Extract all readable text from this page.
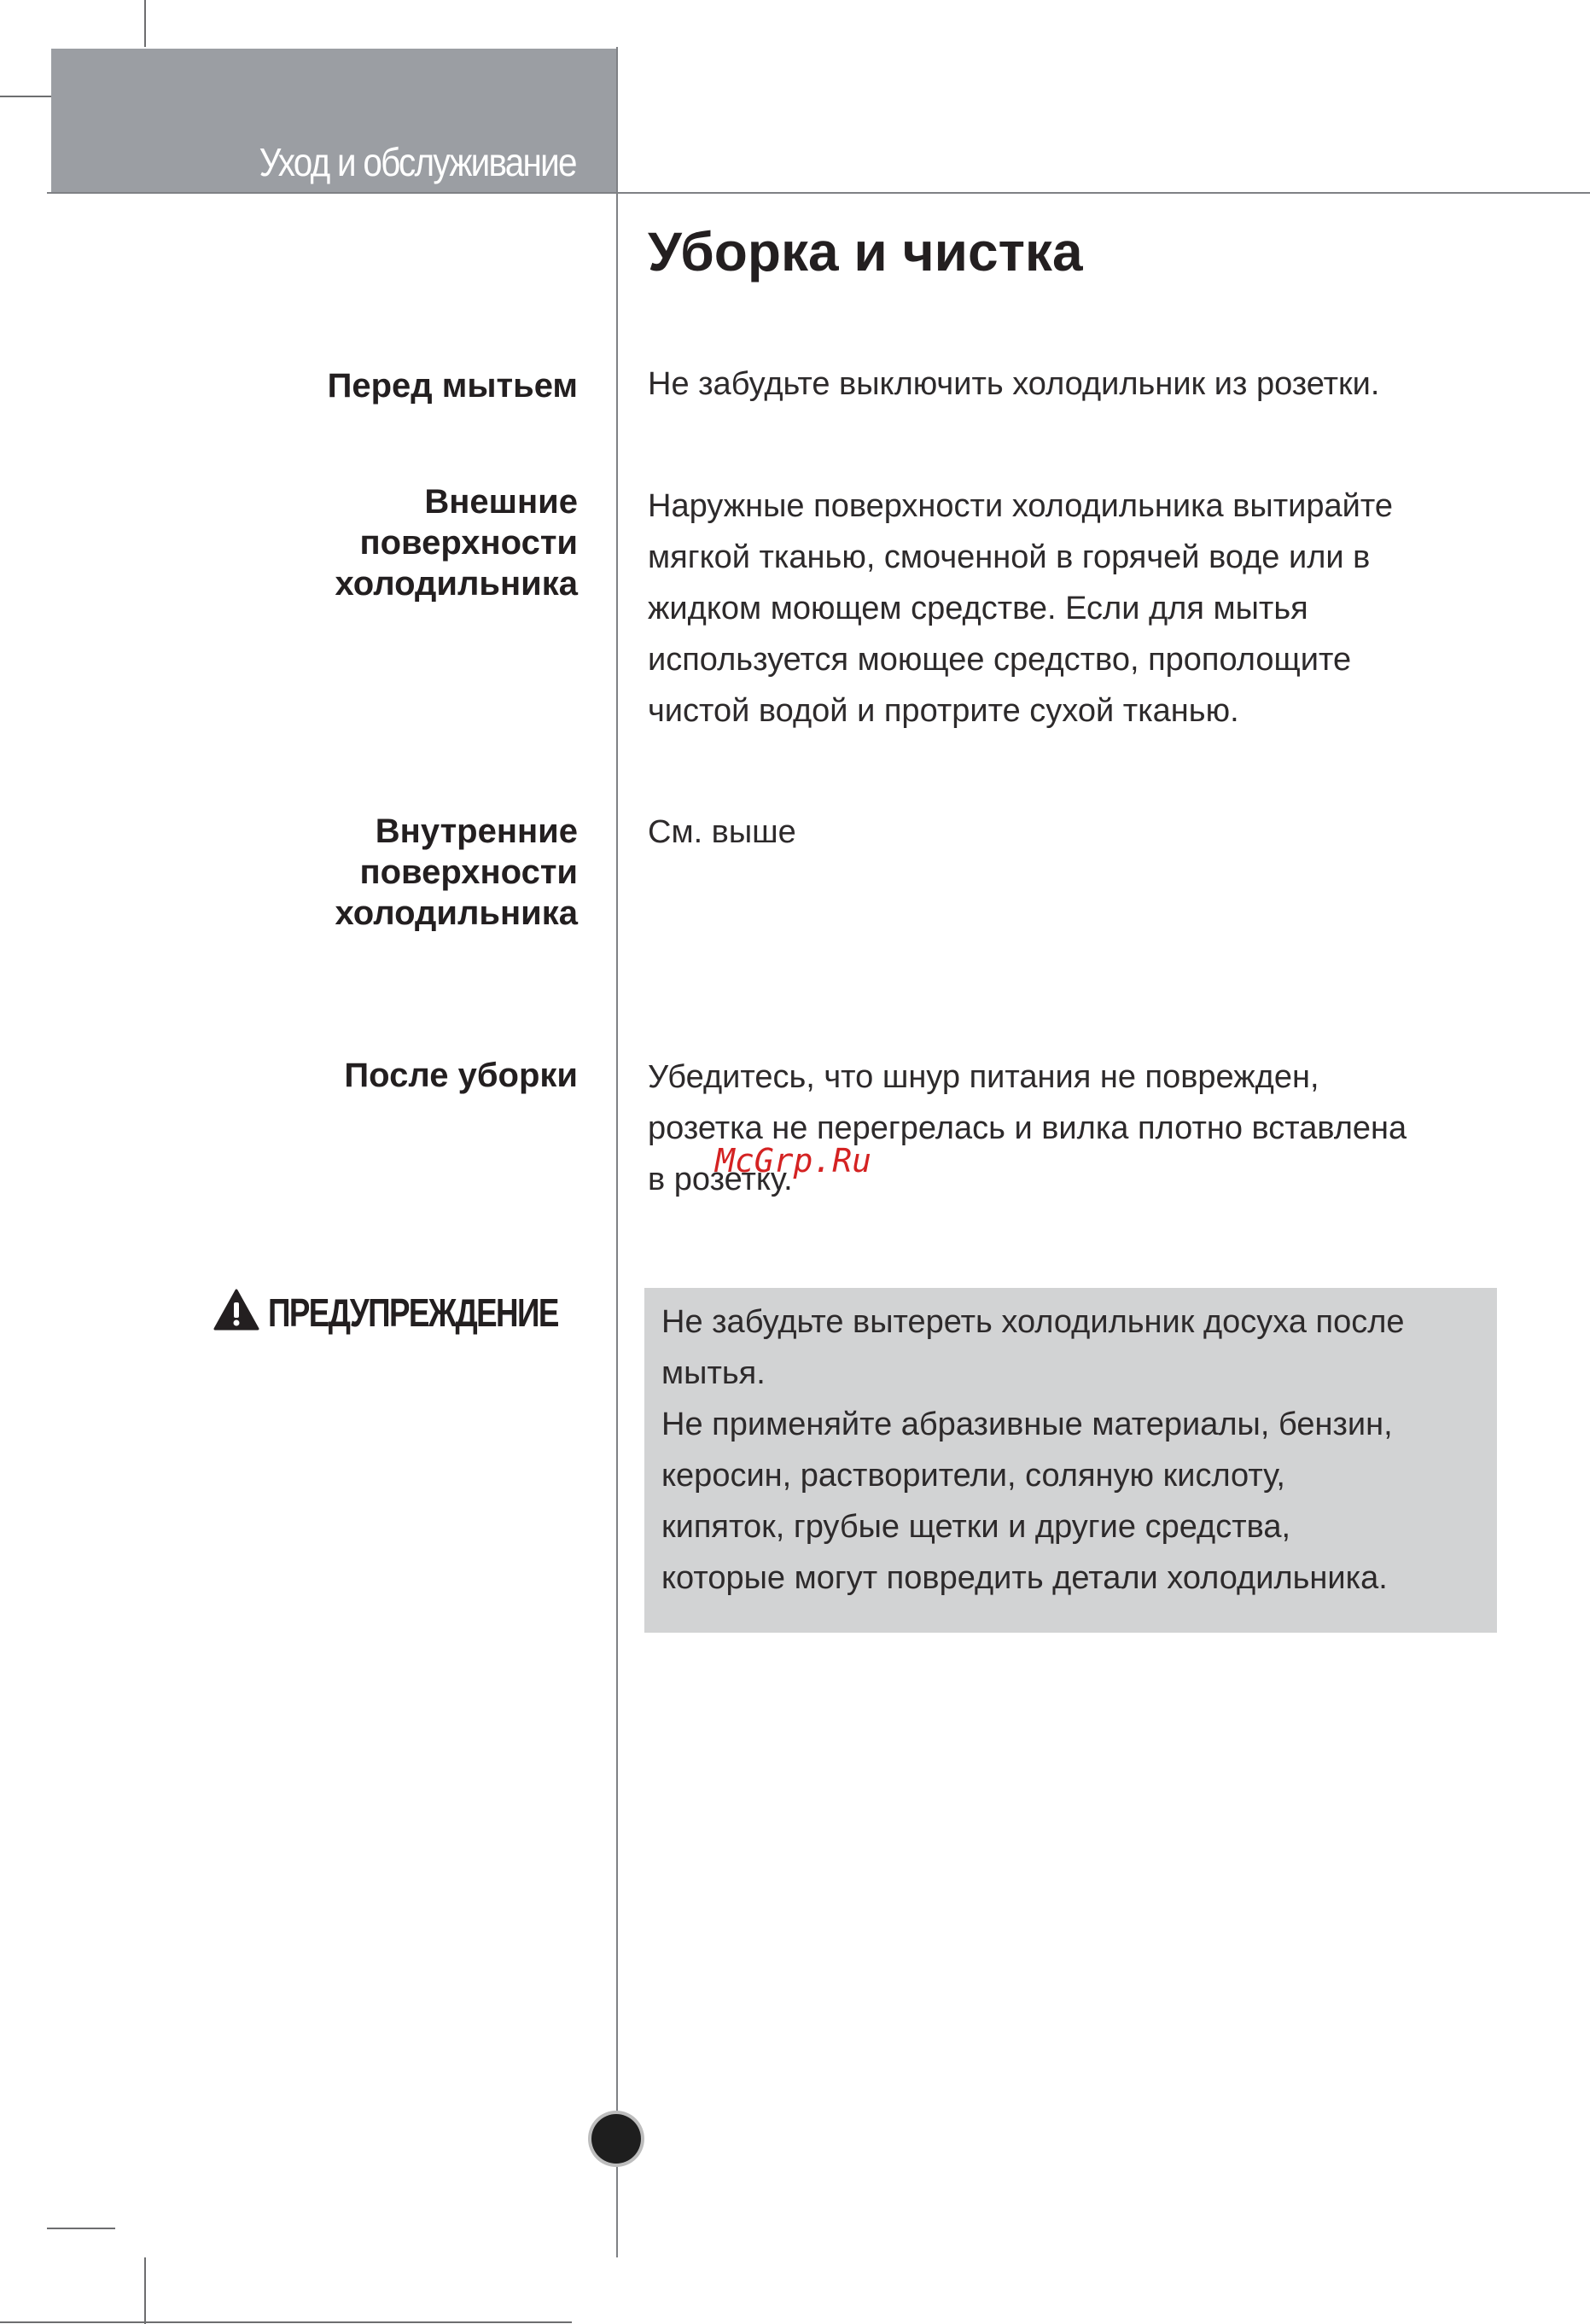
Уход и обслуживание
Уборка и чистка
Перед мытьем Не забудьте выключить холодильник из розетки.
Внешние
поверхности
холодильника
Наружные поверхности холодильника вытирайте
мягкой тканью, смоченной в горячей воде или в
жидком моющем средстве. Если для мытья
используется моющее средство, прополощите
чистой водой и протрите сухой тканью.
Внутренние
поверхности
холодильника
См. выше
После уборки Убедитесь, что шнур питания не поврежден,
розетка не перегрелась и вилка плотно вставлена
в розетку.
McGrp.Ru
ПРЕДУПРЕЖДЕНИЕ	Не забудьте вытереть холодильник досуха после
мытья.
Не применяйте абразивные материалы, бензин,
керосин, растворители, соляную кислоту,
кипяток, грубые щетки и другие средства,
которые могут повредить детали холодильника.
